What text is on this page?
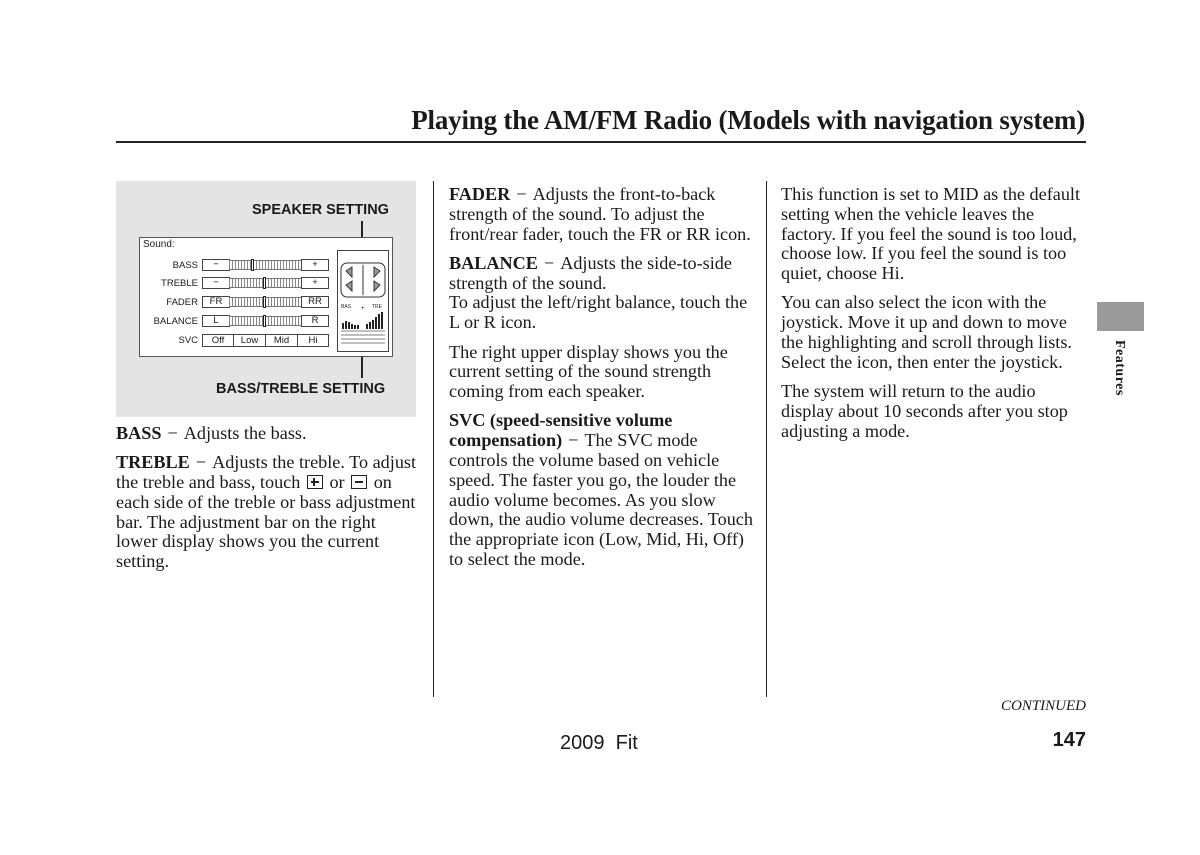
Playing the AM/FM Radio (Models with navigation system)
Features
SPEAKER SETTING
BASS/TREBLE SETTING
Sound:
BASS	−	+
TREBLE	−	+
FADER	FR	RR
BALANCE	L	R
SVC	Off	Low	Mid	Hi
BAS + TRE

BASS − Adjusts the bass.

TREBLE − Adjusts the treble. To adjust the treble and bass, touch or on each side of the treble or bass adjustment bar. The adjustment bar on the right lower display shows you the current setting.

FADER − Adjusts the front-to-back strength of the sound. To adjust the front/rear fader, touch the FR or RR icon.

BALANCE − Adjusts the side-to-side strength of the sound.
To adjust the left/right balance, touch the L or R icon.

The right upper display shows you the current setting of the sound strength coming from each speaker.

SVC (speed-sensitive volume compensation) − The SVC mode controls the volume based on vehicle speed. The faster you go, the louder the audio volume becomes. As you slow down, the audio volume decreases. Touch the appropriate icon (Low, Mid, Hi, Off) to select the mode.

This function is set to MID as the default setting when the vehicle leaves the factory. If you feel the sound is too loud, choose low. If you feel the sound is too quiet, choose Hi.

You can also select the icon with the joystick. Move it up and down to move the highlighting and scroll through lists. Select the icon, then enter the joystick.

The system will return to the audio display about 10 seconds after you stop adjusting a mode.

CONTINUED
2009  Fit	147
